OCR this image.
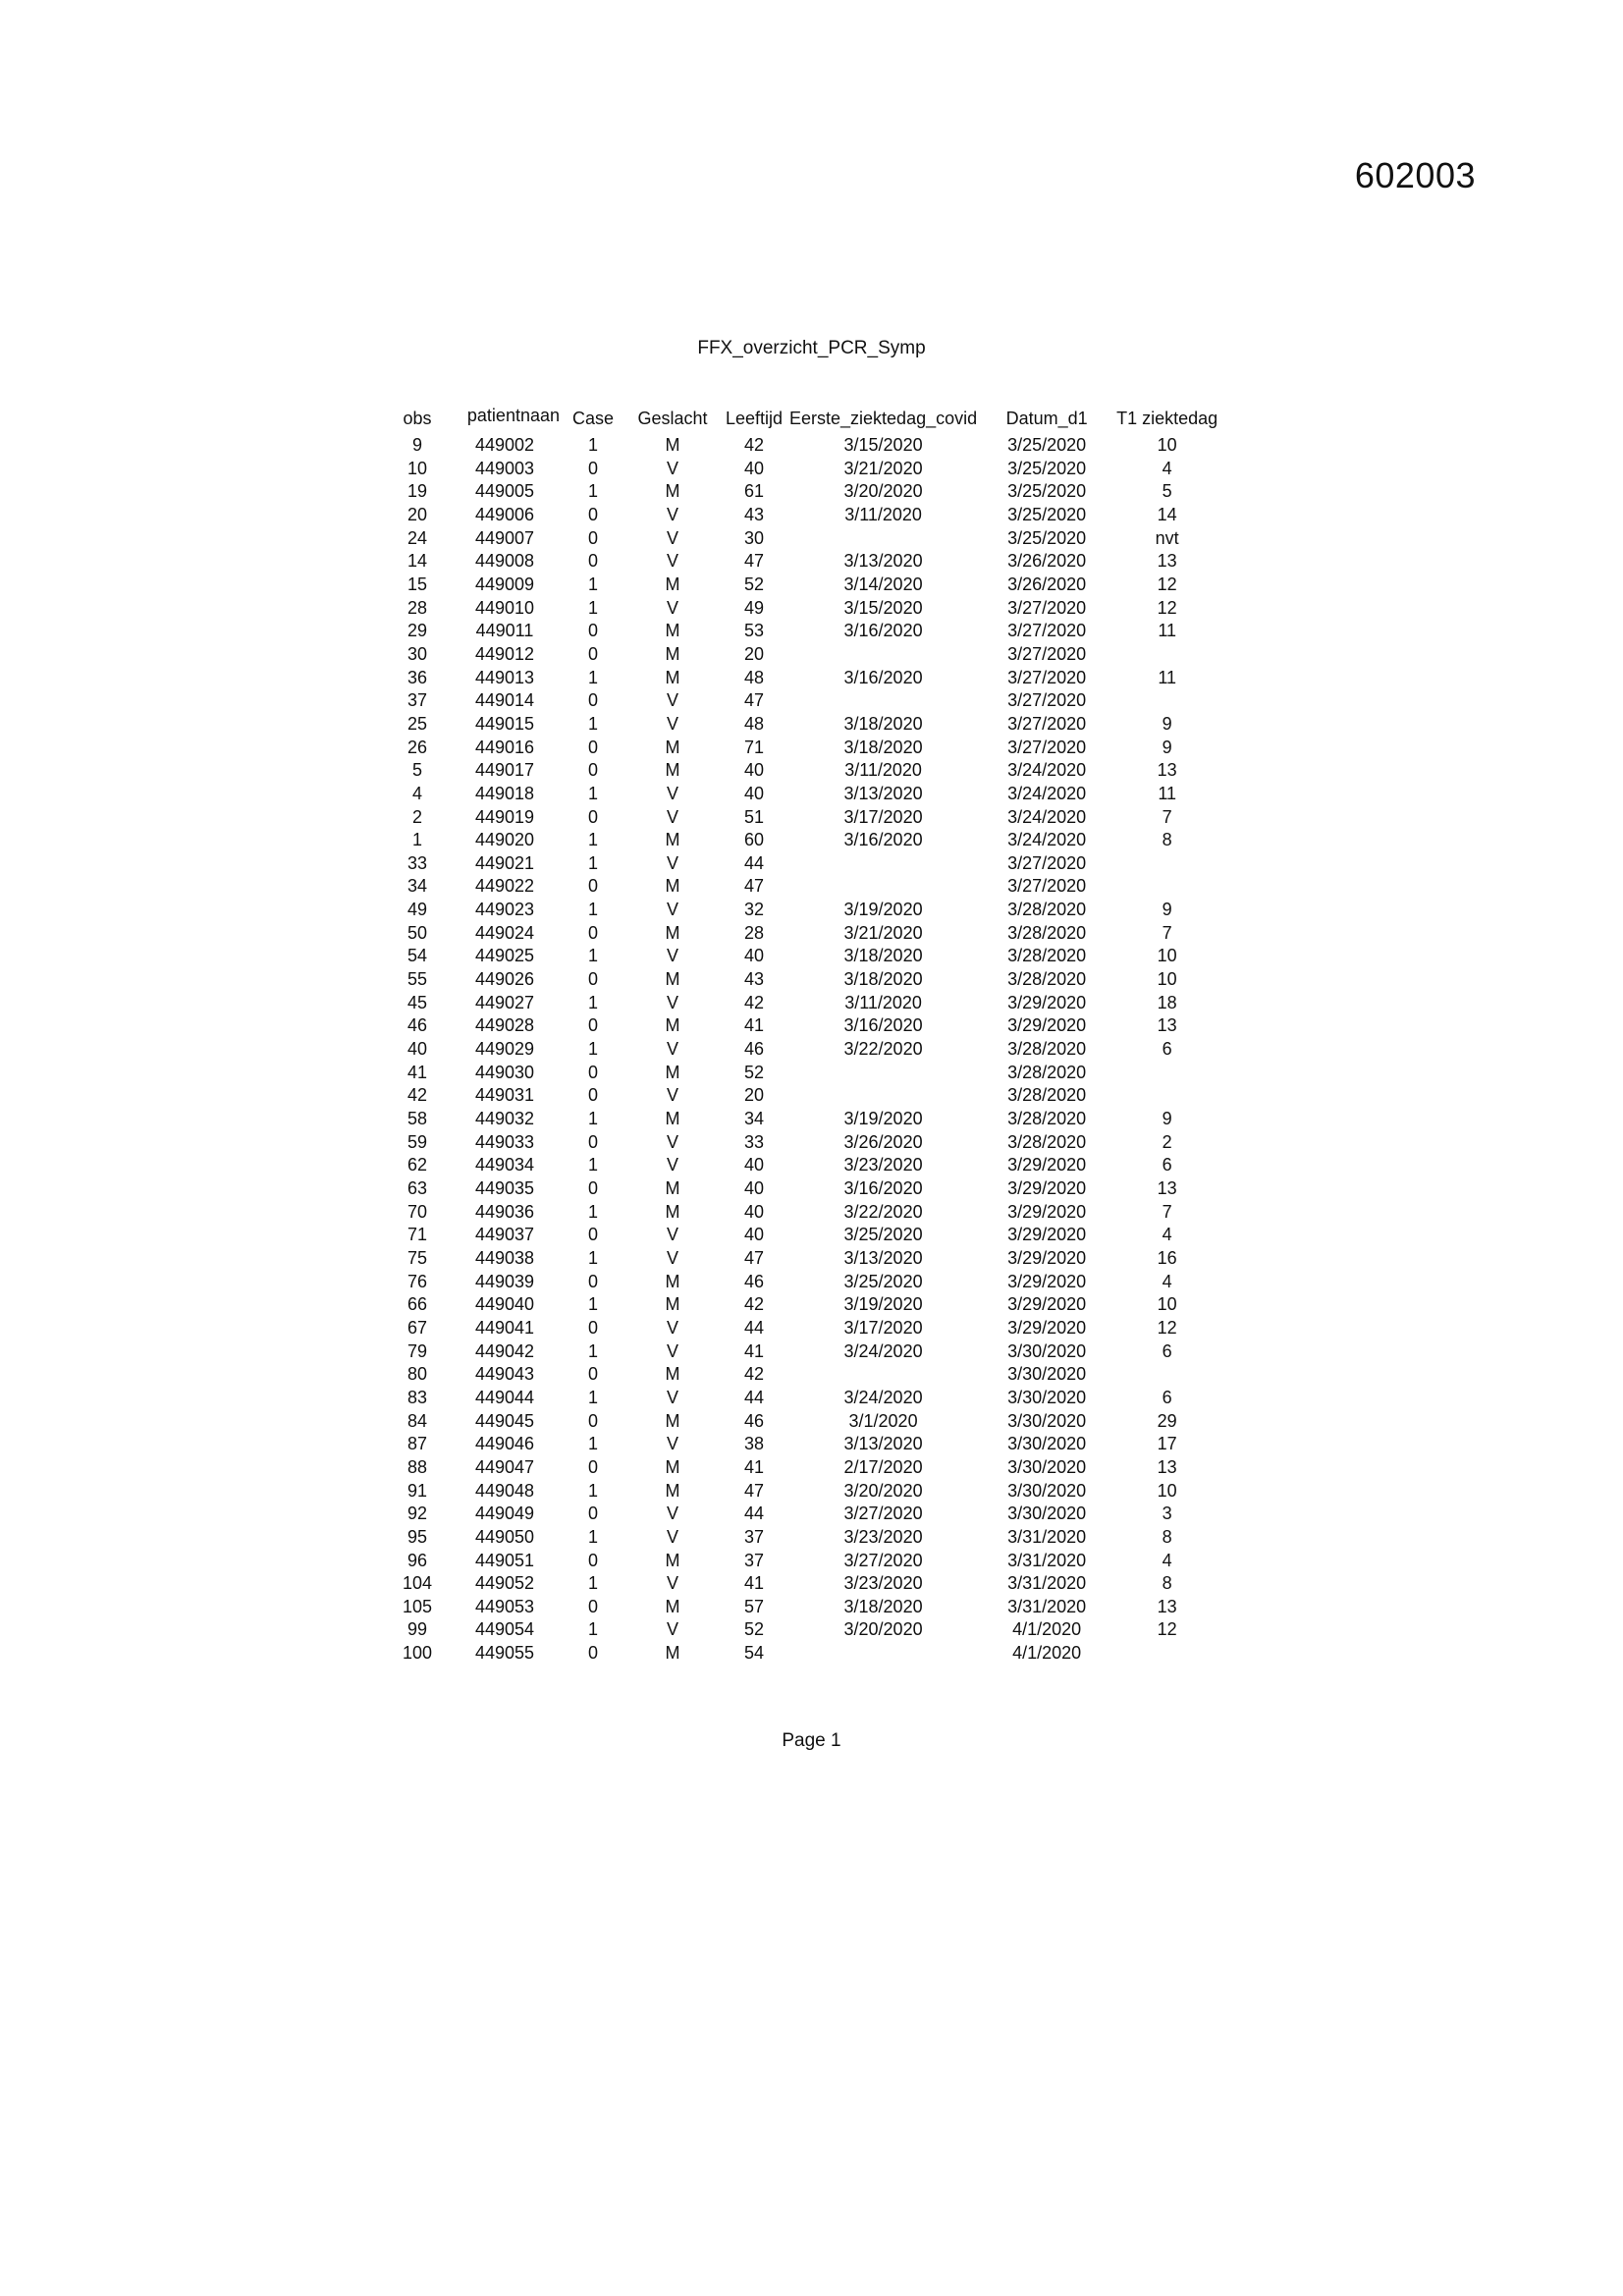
602003
FFX_overzicht_PCR_Symp
obs	patientnaan	Case	Geslacht	Leeftijd	Eerste_ziektedag_covid	Datum_d1	T1 ziektedag
9	449002	1	M	42	3/15/2020	3/25/2020	10
10	449003	0	V	40	3/21/2020	3/25/2020	4
19	449005	1	M	61	3/20/2020	3/25/2020	5
20	449006	0	V	43	3/11/2020	3/25/2020	14
24	449007	0	V	30		3/25/2020	nvt
14	449008	0	V	47	3/13/2020	3/26/2020	13
15	449009	1	M	52	3/14/2020	3/26/2020	12
28	449010	1	V	49	3/15/2020	3/27/2020	12
29	449011	0	M	53	3/16/2020	3/27/2020	11
30	449012	0	M	20		3/27/2020	
36	449013	1	M	48	3/16/2020	3/27/2020	11
37	449014	0	V	47		3/27/2020	
25	449015	1	V	48	3/18/2020	3/27/2020	9
26	449016	0	M	71	3/18/2020	3/27/2020	9
5	449017	0	M	40	3/11/2020	3/24/2020	13
4	449018	1	V	40	3/13/2020	3/24/2020	11
2	449019	0	V	51	3/17/2020	3/24/2020	7
1	449020	1	M	60	3/16/2020	3/24/2020	8
33	449021	1	V	44		3/27/2020	
34	449022	0	M	47		3/27/2020	
49	449023	1	V	32	3/19/2020	3/28/2020	9
50	449024	0	M	28	3/21/2020	3/28/2020	7
54	449025	1	V	40	3/18/2020	3/28/2020	10
55	449026	0	M	43	3/18/2020	3/28/2020	10
45	449027	1	V	42	3/11/2020	3/29/2020	18
46	449028	0	M	41	3/16/2020	3/29/2020	13
40	449029	1	V	46	3/22/2020	3/28/2020	6
41	449030	0	M	52		3/28/2020	
42	449031	0	V	20		3/28/2020	
58	449032	1	M	34	3/19/2020	3/28/2020	9
59	449033	0	V	33	3/26/2020	3/28/2020	2
62	449034	1	V	40	3/23/2020	3/29/2020	6
63	449035	0	M	40	3/16/2020	3/29/2020	13
70	449036	1	M	40	3/22/2020	3/29/2020	7
71	449037	0	V	40	3/25/2020	3/29/2020	4
75	449038	1	V	47	3/13/2020	3/29/2020	16
76	449039	0	M	46	3/25/2020	3/29/2020	4
66	449040	1	M	42	3/19/2020	3/29/2020	10
67	449041	0	V	44	3/17/2020	3/29/2020	12
79	449042	1	V	41	3/24/2020	3/30/2020	6
80	449043	0	M	42		3/30/2020	
83	449044	1	V	44	3/24/2020	3/30/2020	6
84	449045	0	M	46	3/1/2020	3/30/2020	29
87	449046	1	V	38	3/13/2020	3/30/2020	17
88	449047	0	M	41	2/17/2020	3/30/2020	13
91	449048	1	M	47	3/20/2020	3/30/2020	10
92	449049	0	V	44	3/27/2020	3/30/2020	3
95	449050	1	V	37	3/23/2020	3/31/2020	8
96	449051	0	M	37	3/27/2020	3/31/2020	4
104	449052	1	V	41	3/23/2020	3/31/2020	8
105	449053	0	M	57	3/18/2020	3/31/2020	13
99	449054	1	V	52	3/20/2020	4/1/2020	12
100	449055	0	M	54		4/1/2020	
Page 1
